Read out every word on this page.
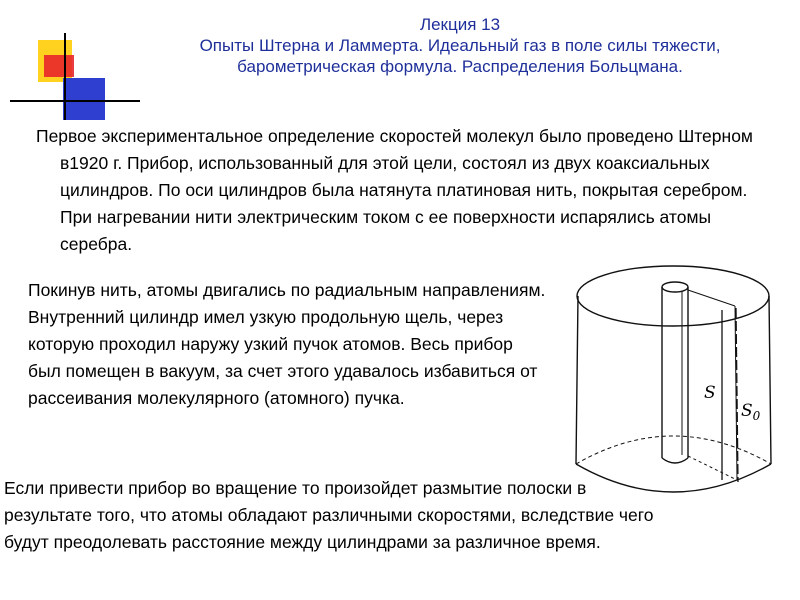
Лекция 13
Опыты Штерна и Ламмерта. Идеальный газ в поле силы тяжести,
барометрическая формула. Распределения Больцмана.

Первое экспериментальное определение скоростей молекул было проведено Штерном в1920 г. Прибор, использованный для этой цели, состоял из двух коаксиальных цилиндров. По оси цилиндров была натянута платиновая нить, покрытая серебром. При нагревании нити электрическим током с ее поверхности испарялись атомы серебра.

Покинув нить, атомы двигались по радиальным направлениям. Внутренний цилиндр имел узкую продольную щель, через которую проходил наружу узкий пучок атомов. Весь прибор был помещен в вакуум, за счет этого удавалось избавиться от рассеивания молекулярного (атомного) пучка.

Если привести прибор во вращение то произойдет размытие полоски в результате того, что атомы обладают различными скоростями, вследствие чего будут преодолевать расстояние между цилиндрами за различное время.

S
$S_0$
